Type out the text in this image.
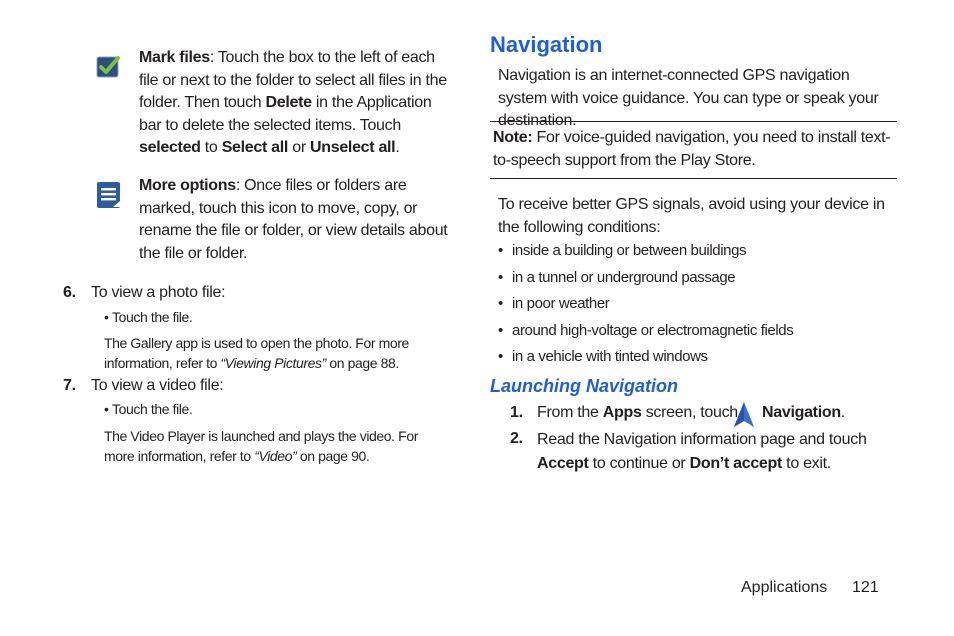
Mark files: Touch the box to the left of each file or next to the folder to select all files in the folder. Then touch Delete in the Application bar to delete the selected items. Touch selected to Select all or Unselect all.
More options: Once files or folders are marked, touch this icon to move, copy, or rename the file or folder, or view details about the file or folder.
6. To view a photo file:
• Touch the file.
The Gallery app is used to open the photo. For more information, refer to “Viewing Pictures” on page 88.
7. To view a video file:
• Touch the file.
The Video Player is launched and plays the video. For more information, refer to “Video” on page 90.
Navigation
Navigation is an internet-connected GPS navigation system with voice guidance. You can type or speak your destination.
Note: For voice-guided navigation, you need to install text-to-speech support from the Play Store.
To receive better GPS signals, avoid using your device in the following conditions:
• inside a building or between buildings
• in a tunnel or underground passage
• in poor weather
• around high-voltage or electromagnetic fields
• in a vehicle with tinted windows
Launching Navigation
1. From the Apps screen, touch	Navigation.
2. Read the Navigation information page and touch Accept to continue or Don’t accept to exit.
Applications 121
